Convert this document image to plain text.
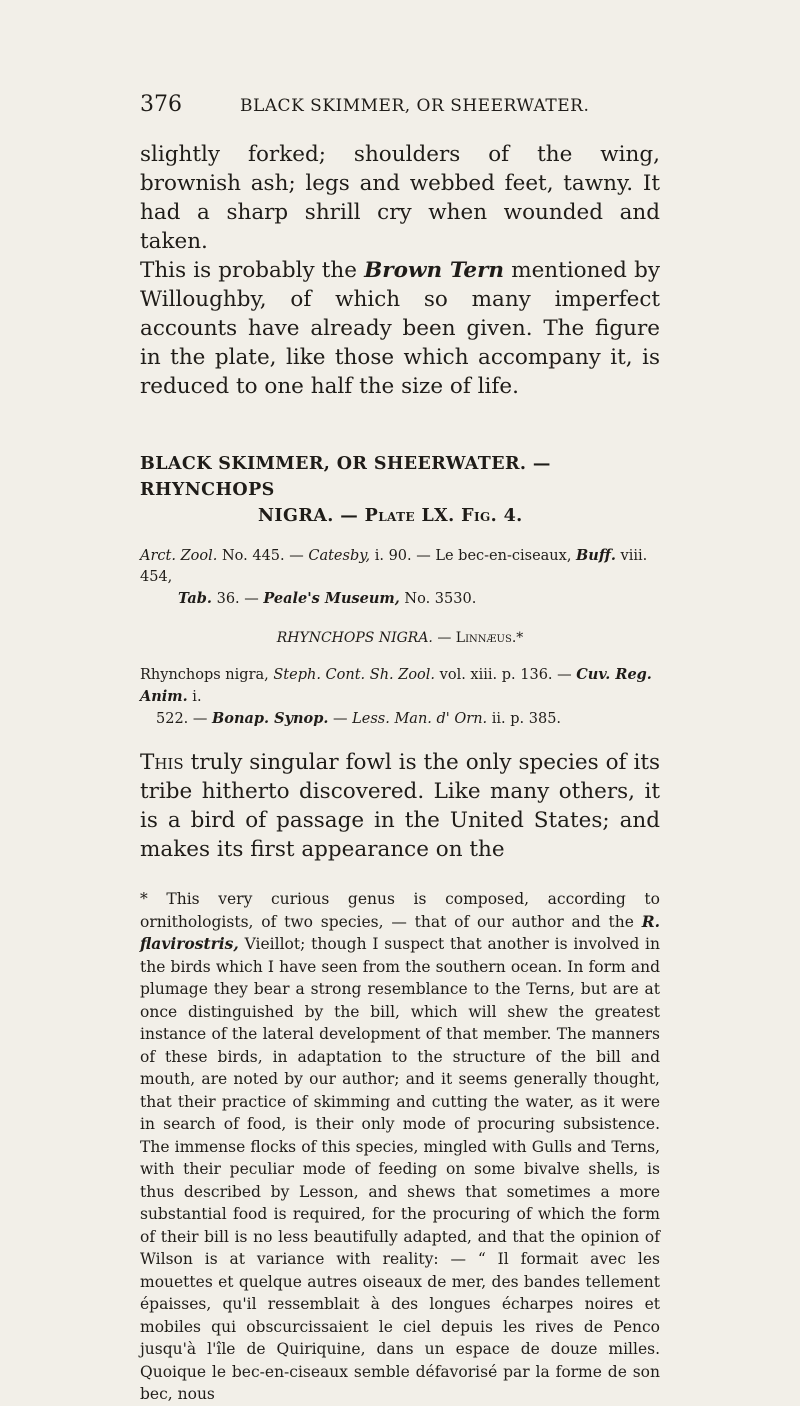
376	BLACK SKIMMER, OR SHEERWATER.

slightly forked; shoulders of the wing, brownish ash; legs and webbed feet, tawny. It had a sharp shrill cry when wounded and taken.

This is probably the Brown Tern mentioned by Willoughby, of which so many imperfect accounts have already been given. The figure in the plate, like those which accompany it, is reduced to one half the size of life.

BLACK SKIMMER, OR SHEERWATER. — RHYNCHOPS
NIGRA. — Plate LX. Fig. 4.

Arct. Zool. No. 445. — Catesby, i. 90. — Le bec-en-ciseaux, Buff. viii. 454,
Tab. 36. — Peale's Museum, No. 3530.

RHYNCHOPS NIGRA. — Linnæus.*

Rhynchops nigra, Steph. Cont. Sh. Zool. vol. xiii. p. 136. — Cuv. Reg. Anim. i.
522. — Bonap. Synop. — Less. Man. d' Orn. ii. p. 385.

This truly singular fowl is the only species of its tribe hitherto discovered. Like many others, it is a bird of passage in the United States; and makes its first appearance on the

* This very curious genus is composed, according to ornithologists, of two species, — that of our author and the R. flavirostris, Vieillot; though I suspect that another is involved in the birds which I have seen from the southern ocean. In form and plumage they bear a strong resemblance to the Terns, but are at once distinguished by the bill, which will shew the greatest instance of the lateral development of that member. The manners of these birds, in adaptation to the structure of the bill and mouth, are noted by our author; and it seems generally thought, that their practice of skimming and cutting the water, as it were in search of food, is their only mode of procuring subsistence. The immense flocks of this species, mingled with Gulls and Terns, with their peculiar mode of feeding on some bivalve shells, is thus described by Lesson, and shews that sometimes a more substantial food is required, for the procuring of which the form of their bill is no less beautifully adapted, and that the opinion of Wilson is at variance with reality: — “ Il formait avec les mouettes et quelque autres oiseaux de mer, des bandes tellement épaisses, qu'il ressemblait à des longues écharpes noires et mobiles qui obscurcissaient le ciel depuis les rives de Penco jusqu'à l'île de Quiriquine, dans un espace de douze milles. Quoique le bec-en-ciseaux semble défavorisé par la forme de son bec, nous
